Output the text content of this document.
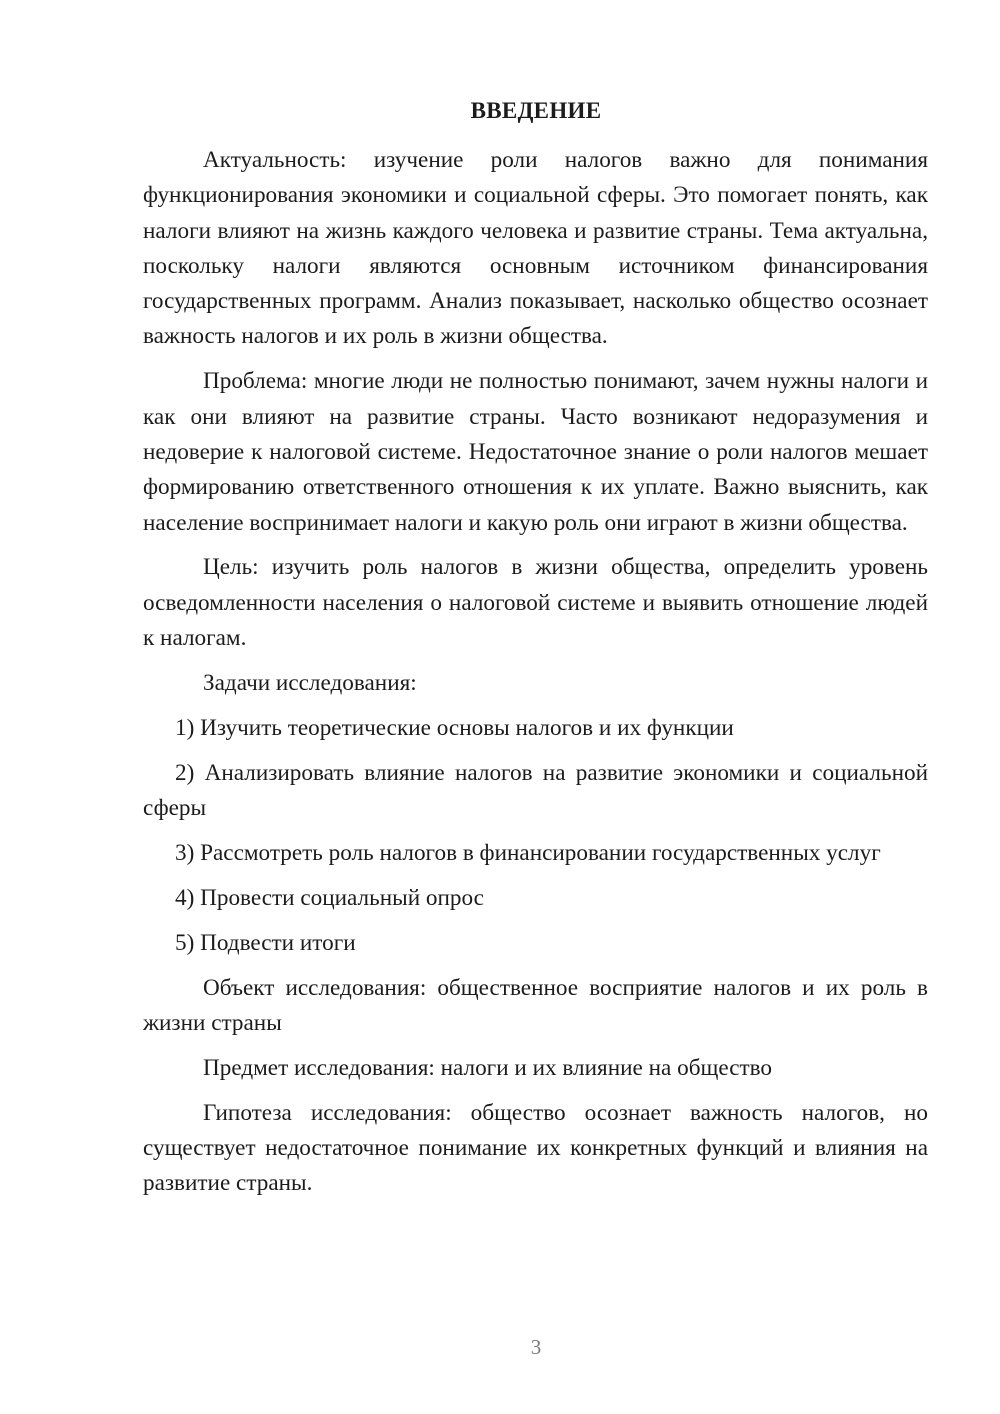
ВВЕДЕНИЕ

Актуальность: изучение роли налогов важно для понимания функционирования экономики и социальной сферы. Это помогает понять, как налоги влияют на жизнь каждого человека и развитие страны. Тема актуальна, поскольку налоги являются основным источником финансирования государственных программ. Анализ показывает, насколько общество осознает важность налогов и их роль в жизни общества.

Проблема: многие люди не полностью понимают, зачем нужны налоги и как они влияют на развитие страны. Часто возникают недоразумения и недоверие к налоговой системе. Недостаточное знание о роли налогов мешает формированию ответственного отношения к их уплате. Важно выяснить, как население воспринимает налоги и какую роль они играют в жизни общества.

Цель: изучить роль налогов в жизни общества, определить уровень осведомленности населения о налоговой системе и выявить отношение людей к налогам.

Задачи исследования:

1) Изучить теоретические основы налогов и их функции

2) Анализировать влияние налогов на развитие экономики и социальной сферы

3) Рассмотреть роль налогов в финансировании государственных услуг

4) Провести социальный опрос

5) Подвести итоги

Объект исследования: общественное восприятие налогов и их роль в жизни страны

Предмет исследования: налоги и их влияние на общество

Гипотеза исследования: общество осознает важность налогов, но существует недостаточное понимание их конкретных функций и влияния на развитие страны.

3
